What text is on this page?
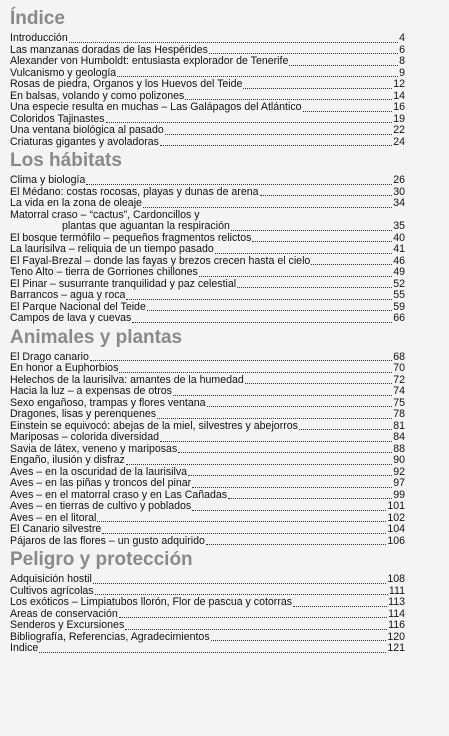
Índice
Introducción	4
Las manzanas doradas de las Hespérides	6
Alexander von Humboldt: entusiasta explorador de Tenerife	8
Vulcanismo y geología	9
Rosas de piedra, Órganos y los Huevos del Teide	12
En balsas, volando y como polizones	14
Una especie resulta en muchas – Las Galápagos del Atlántico	16
Coloridos Tajinastes	19
Una ventana biológica al pasado	22
Criaturas gigantes y avoladoras	24
Los hábitats
Clima y biología	26
El Médano: costas rocosas, playas y dunas de arena	30
La vida en la zona de oleaje	34
Matorral craso – “cactus”, Cardoncillos y
plantas que aguantan la respiración	35
El bosque termófilo – pequeños fragmentos relictos	40
La laurisilva – reliquia de un tiempo pasado	41
El Fayal-Brezal – donde las fayas y brezos crecen hasta el cielo	46
Teno Alto – tierra de Gorriones chillones	49
El Pinar – susurrante tranquilidad y paz celestial	52
Barrancos – agua y roca	55
El Parque Nacional del Teide	59
Campos de lava y cuevas	66
Animales y plantas
El Drago canario	68
En honor a Euphorbios	70
Helechos de la laurisilva: amantes de la humedad	72
Hacia la luz – a expensas de otros	74
Sexo engañoso, trampas y flores ventana	75
Dragones, lisas y perenquenes	78
Einstein se equivocó: abejas de la miel, silvestres y abejorros	81
Mariposas – colorida diversidad	84
Savia de látex, veneno y mariposas	88
Engaño, ilusión y disfraz	90
Aves – en la oscuridad de la laurisilva	92
Aves – en las piñas y troncos del pinar	97
Aves – en el matorral craso y en Las Cañadas	99
Aves – en tierras de cultivo y poblados	101
Aves – en el litoral	102
El Canario silvestre	104
Pájaros de las flores – un gusto adquirido	106
Peligro y protección
Adquisición hostil	108
Cultivos agrícolas	111
Los exóticos – Limpiatubos llorón, Flor de pascua y cotorras	113
Áreas de conservación	114
Senderos y Excursiones	116
Bibliografía, Referencias, Agradecimientos	120
Índice	121
